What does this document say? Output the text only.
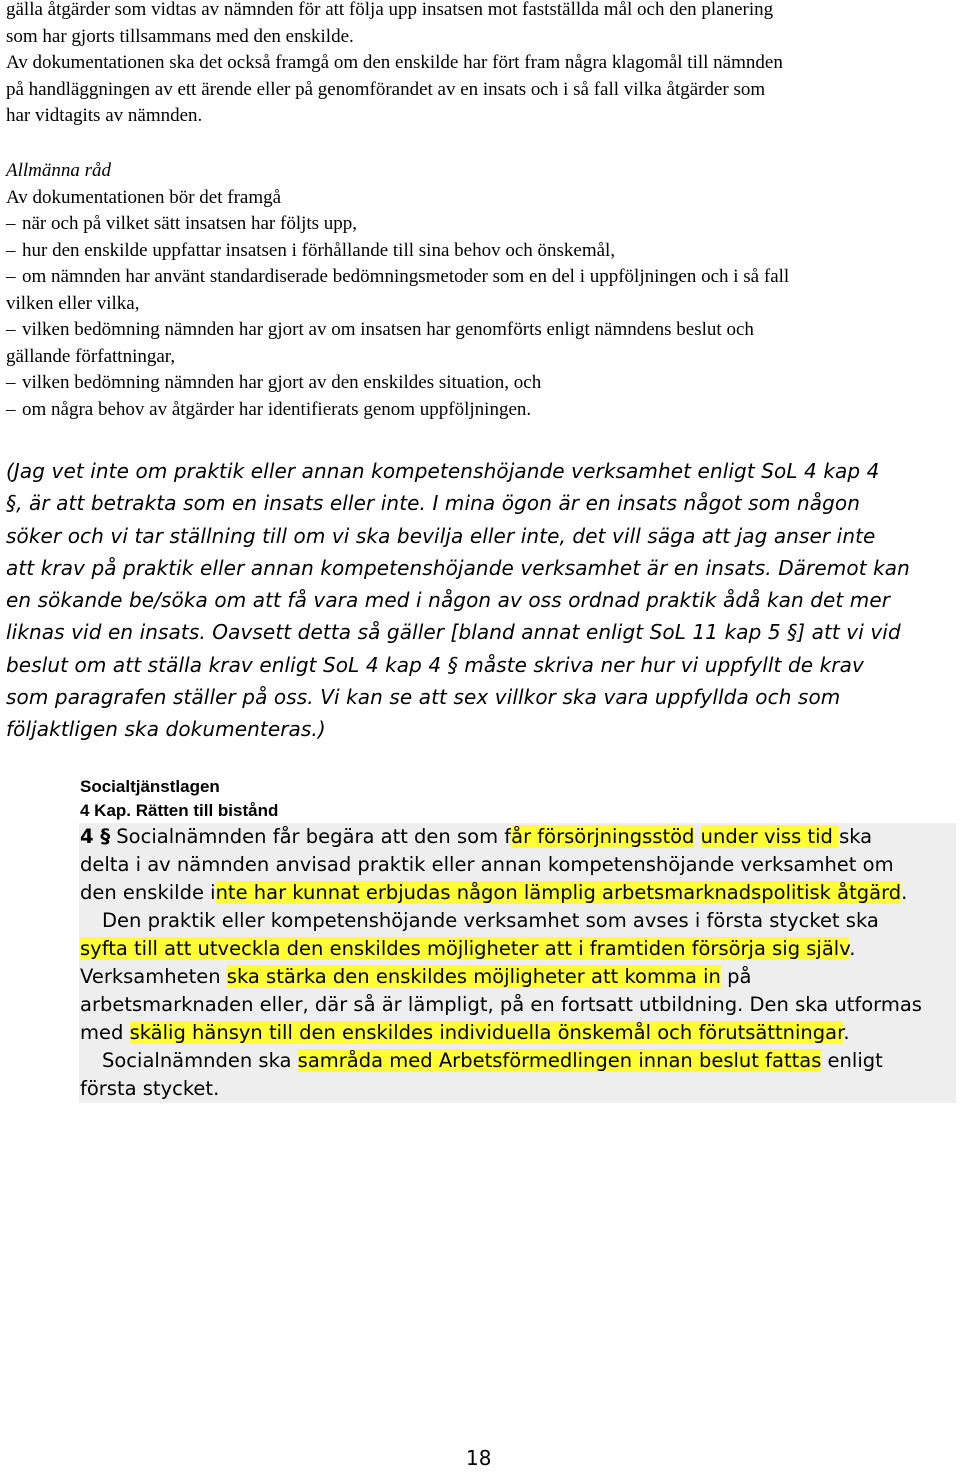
gälla åtgärder som vidtas av nämnden för att följa upp insatsen mot fastställda mål och den planering
som har gjorts tillsammans med den enskilde.
Av dokumentationen ska det också framgå om den enskilde har fört fram några klagomål till nämnden
på handläggningen av ett ärende eller på genomförandet av en insats och i så fall vilka åtgärder som
har vidtagits av nämnden.
Allmänna råd
Av dokumentationen bör det framgå
– när och på vilket sätt insatsen har följts upp,
– hur den enskilde uppfattar insatsen i förhållande till sina behov och önskemål,
– om nämnden har använt standardiserade bedömningsmetoder som en del i uppföljningen och i så fall
vilken eller vilka,
– vilken bedömning nämnden har gjort av om insatsen har genomförts enligt nämndens beslut och
gällande författningar,
– vilken bedömning nämnden har gjort av den enskildes situation, och
– om några behov av åtgärder har identifierats genom uppföljningen.
(Jag vet inte om praktik eller annan kompetenshöjande verksamhet enligt SoL 4 kap 4
§, är att betrakta som en insats eller inte. I mina ögon är en insats något som någon
söker och vi tar ställning till om vi ska bevilja eller inte, det vill säga att jag anser inte
att krav på praktik eller annan kompetenshöjande verksamhet är en insats. Däremot kan
en sökande be/söka om att få vara med i någon av oss ordnad praktik ådå kan det mer
liknas vid en insats. Oavsett detta så gäller [bland annat enligt SoL 11 kap 5 §] att vi vid
beslut om att ställa krav enligt SoL 4 kap 4 § måste skriva ner hur vi uppfyllt de krav
som paragrafen ställer på oss. Vi kan se att sex villkor ska vara uppfyllda och som
följaktligen ska dokumenteras.)
Socialtjänstlagen
4 Kap. Rätten till bistånd

4 § Socialnämnden får begära att den som får försörjningsstöd under viss tid ska
delta i av nämnden anvisad praktik eller annan kompetenshöjande verksamhet om
den enskilde inte har kunnat erbjudas någon lämplig arbetsmarknadspolitisk åtgärd.

Den praktik eller kompetenshöjande verksamhet som avses i första stycket ska
syfta till att utveckla den enskildes möjligheter att i framtiden försörja sig själv.
Verksamheten ska stärka den enskildes möjligheter att komma in på
arbetsmarknaden eller, där så är lämpligt, på en fortsatt utbildning. Den ska utformas
med skälig hänsyn till den enskildes individuella önskemål och förutsättningar.

Socialnämnden ska samråda med Arbetsförmedlingen innan beslut fattas enligt
första stycket.

18
